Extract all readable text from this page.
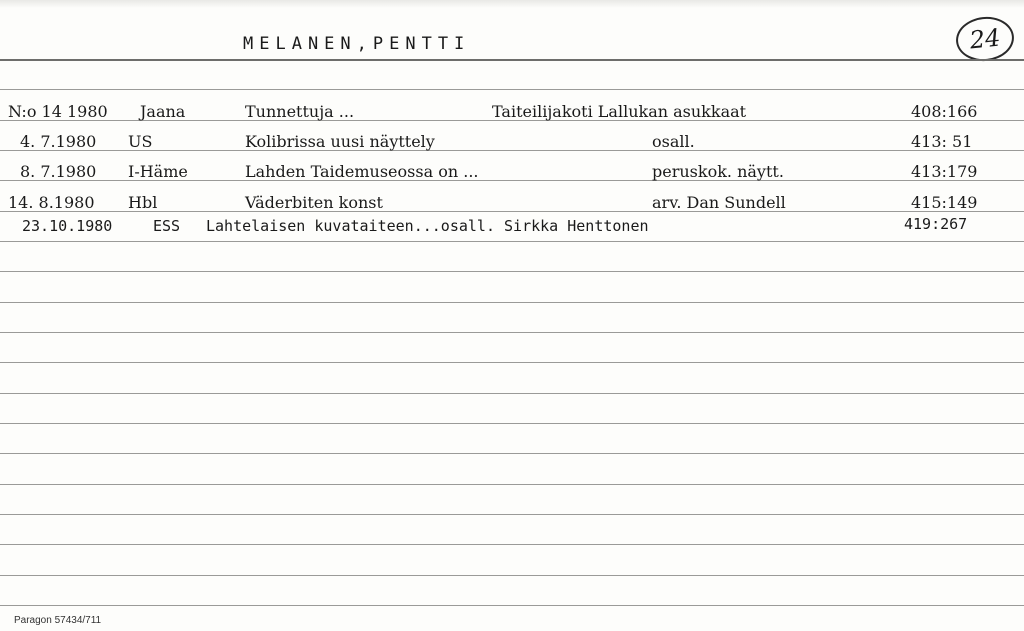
MELANEN,PENTTI	24
N:o 14 1980 Jaana	Tunnettuja ...	Taiteilijakoti Lallukan asukkaat	408:166
4. 7.1980 US	Kolibrissa uusi näyttely	osall.	413: 51
8. 7.1980 I-Häme	Lahden Taidemuseossa on ...	peruskok. näytt.	413:179
14. 8.1980 Hbl	Väderbiten konst	arv. Dan Sundell	415:149
23.10.1980	ESS Lahtelaisen kuvataiteen...osall. Sirkka Henttonen	419:267
Paragon 57434/711
